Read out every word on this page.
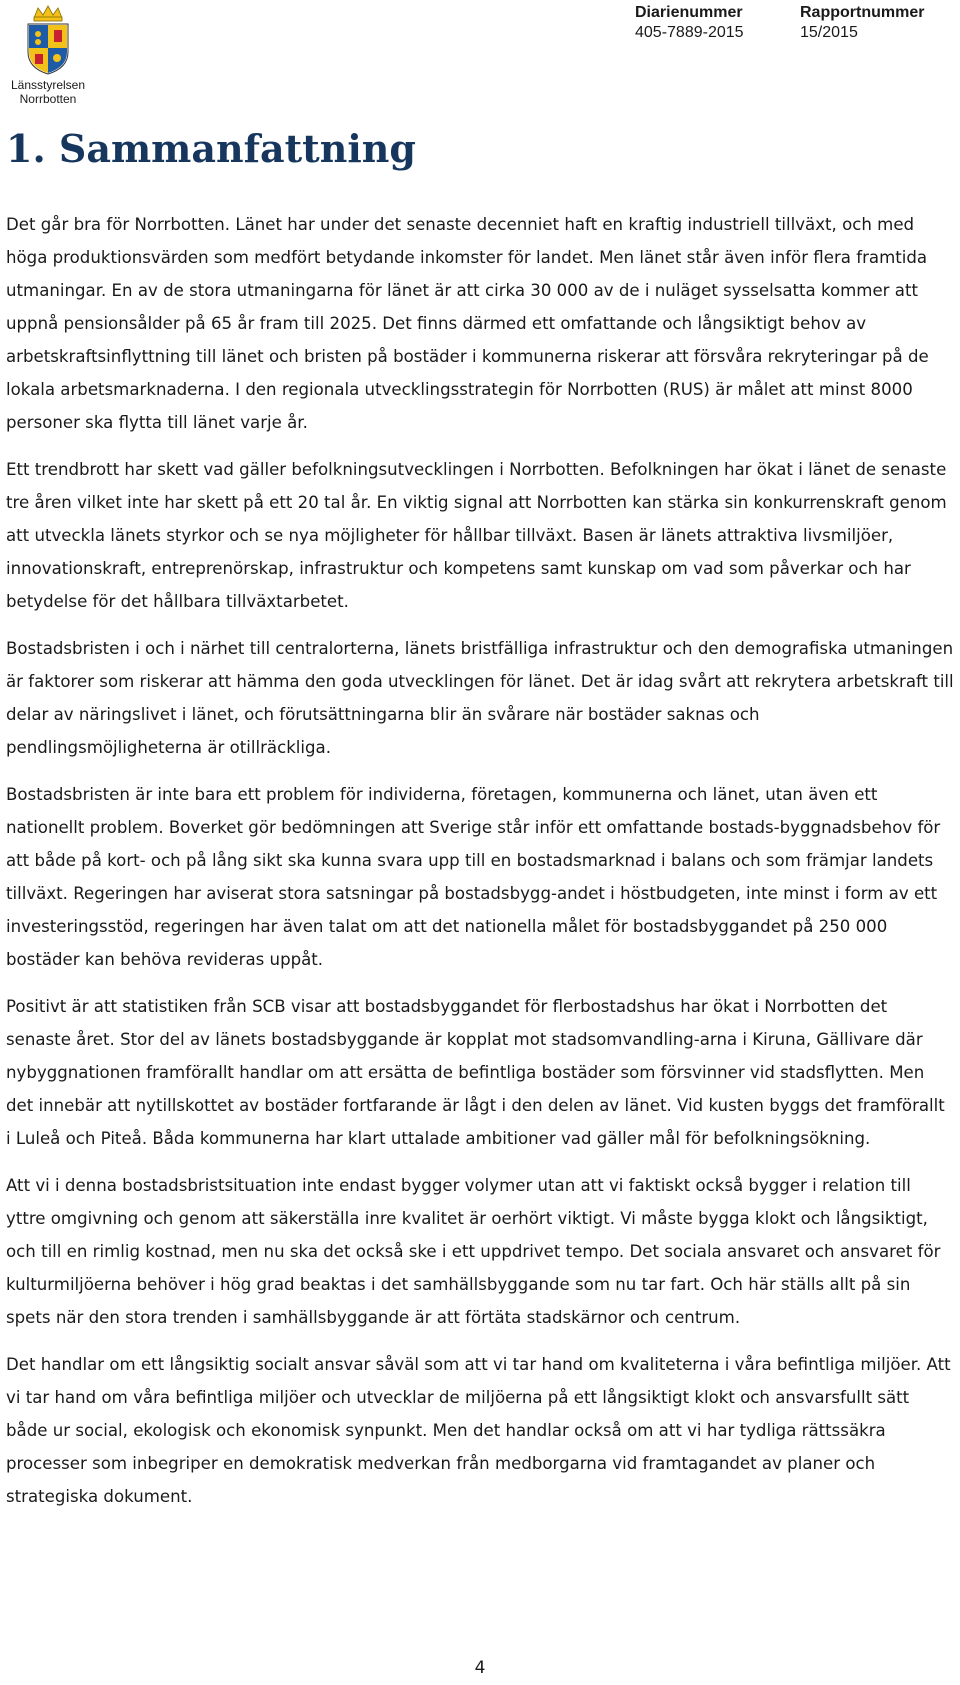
Länsstyrelsen
Norrbotten
Diarienummer
405-7889-2015
Rapportnummer
15/2015
1. Sammanfattning

Det går bra för Norrbotten. Länet har under det senaste decenniet haft en kraftig industriell tillväxt, och med höga produktionsvärden som medfört betydande inkomster för landet. Men länet står även inför flera framtida utmaningar. En av de stora utmaningarna för länet är att cirka 30 000 av de i nuläget sysselsatta kommer att uppnå pensionsålder på 65 år fram till 2025. Det finns därmed ett omfattande och långsiktigt behov av arbetskraftsinflyttning till länet och bristen på bostäder i kommunerna riskerar att försvåra rekryteringar på de lokala arbetsmarknaderna. I den regionala utvecklingsstrategin för Norrbotten (RUS) är målet att minst 8000 personer ska flytta till länet varje år.

Ett trendbrott har skett vad gäller befolkningsutvecklingen i Norrbotten. Befolkningen har ökat i länet de senaste tre åren vilket inte har skett på ett 20 tal år. En viktig signal att Norrbotten kan stärka sin konkurrenskraft genom att utveckla länets styrkor och se nya möjligheter för hållbar tillväxt. Basen är länets attraktiva livsmiljöer, innovationskraft, entreprenörskap, infrastruktur och kompetens samt kunskap om vad som påverkar och har betydelse för det hållbara tillväxtarbetet.

Bostadsbristen i och i närhet till centralorterna, länets bristfälliga infrastruktur och den demografiska utmaningen är faktorer som riskerar att hämma den goda utvecklingen för länet. Det är idag svårt att rekrytera arbetskraft till delar av näringslivet i länet, och förutsättningarna blir än svårare när bostäder saknas och pendlingsmöjligheterna är otillräckliga.

Bostadsbristen är inte bara ett problem för individerna, företagen, kommunerna och länet, utan även ett nationellt problem. Boverket gör bedömningen att Sverige står inför ett omfattande bostads-byggnadsbehov för att både på kort- och på lång sikt ska kunna svara upp till en bostadsmarknad i balans och som främjar landets tillväxt. Regeringen har aviserat stora satsningar på bostadsbygg-andet i höstbudgeten, inte minst i form av ett investeringsstöd, regeringen har även talat om att det nationella målet för bostadsbyggandet på 250 000 bostäder kan behöva revideras uppåt.

Positivt är att statistiken från SCB visar att bostadsbyggandet för flerbostadshus har ökat i Norrbotten det senaste året. Stor del av länets bostadsbyggande är kopplat mot stadsomvandling-arna i Kiruna, Gällivare där nybyggnationen framförallt handlar om att ersätta de befintliga bostäder som försvinner vid stadsflytten. Men det innebär att nytillskottet av bostäder fortfarande är lågt i den delen av länet. Vid kusten byggs det framförallt i Luleå och Piteå. Båda kommunerna har klart uttalade ambitioner vad gäller mål för befolkningsökning.

Att vi i denna bostadsbristsituation inte endast bygger volymer utan att vi faktiskt också bygger i relation till yttre omgivning och genom att säkerställa inre kvalitet är oerhört viktigt. Vi måste bygga klokt och långsiktigt, och till en rimlig kostnad, men nu ska det också ske i ett uppdrivet tempo. Det sociala ansvaret och ansvaret för kulturmiljöerna behöver i hög grad beaktas i det samhällsbyggande som nu tar fart. Och här ställs allt på sin spets när den stora trenden i samhällsbyggande är att förtäta stadskärnor och centrum.

Det handlar om ett långsiktig socialt ansvar såväl som att vi tar hand om kvaliteterna i våra befintliga miljöer. Att vi tar hand om våra befintliga miljöer och utvecklar de miljöerna på ett långsiktigt klokt och ansvarsfullt sätt både ur social, ekologisk och ekonomisk synpunkt. Men det handlar också om att vi har tydliga rättssäkra processer som inbegriper en demokratisk medverkan från medborgarna vid framtagandet av planer och strategiska dokument.

4
